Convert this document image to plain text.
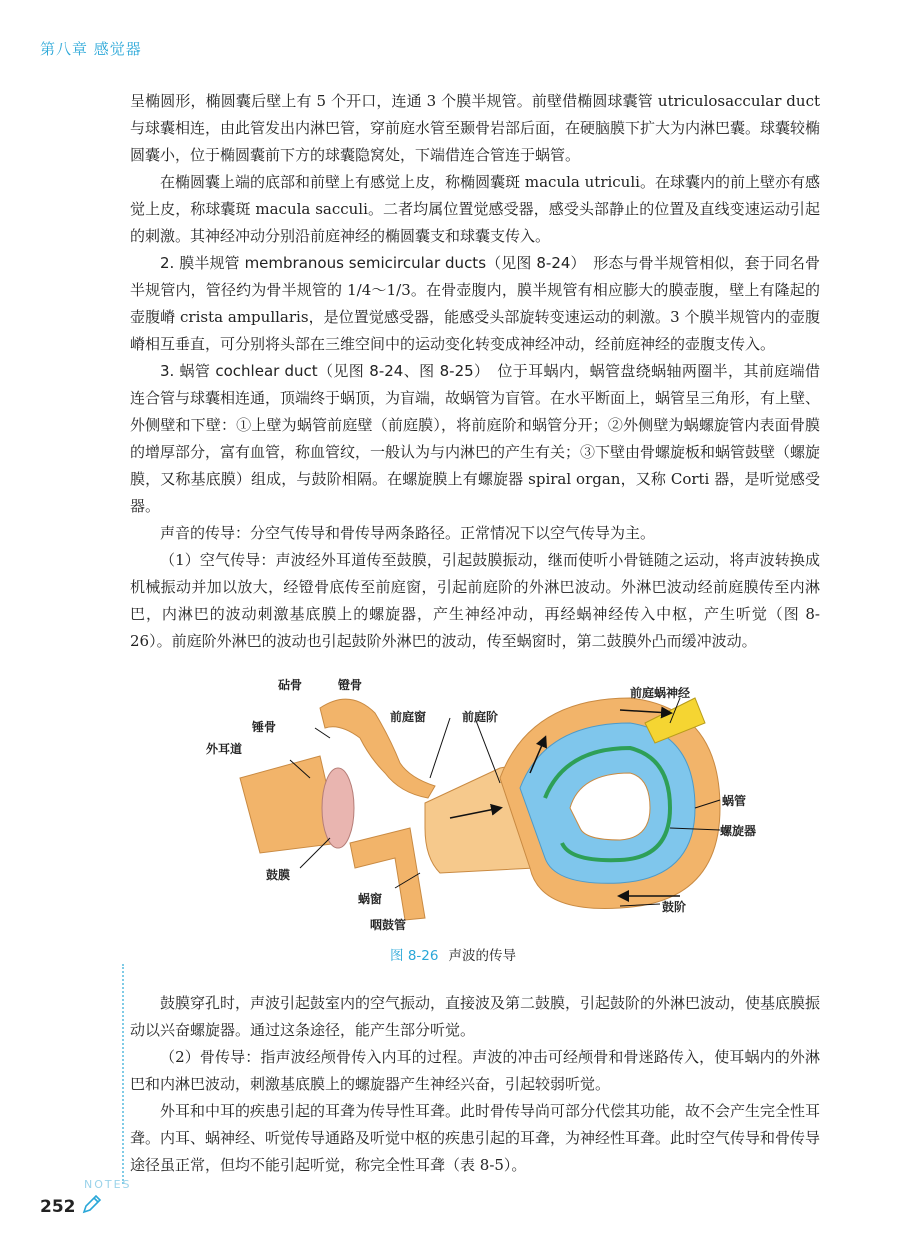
第八章 感觉器

呈椭圆形，椭圆囊后壁上有 5 个开口，连通 3 个膜半规管。前壁借椭圆球囊管 utriculosaccular duct 与球囊相连，由此管发出内淋巴管，穿前庭水管至颞骨岩部后面，在硬脑膜下扩大为内淋巴囊。球囊较椭圆囊小，位于椭圆囊前下方的球囊隐窝处，下端借连合管连于蜗管。

在椭圆囊上端的底部和前壁上有感觉上皮，称椭圆囊斑 macula utriculi。在球囊内的前上壁亦有感觉上皮，称球囊斑 macula sacculi。二者均属位置觉感受器，感受头部静止的位置及直线变速运动引起的刺激。其神经冲动分别沿前庭神经的椭圆囊支和球囊支传入。

2. 膜半规管 membranous semicircular ducts（见图 8-24）　 形态与骨半规管相似，套于同名骨半规管内，管径约为骨半规管的 1/4～1/3。在骨壶腹内，膜半规管有相应膨大的膜壶腹，壁上有隆起的壶腹嵴 crista ampullaris，是位置觉感受器，能感受头部旋转变速运动的刺激。3 个膜半规管内的壶腹嵴相互垂直，可分别将头部在三维空间中的运动变化转变成神经冲动，经前庭神经的壶腹支传入。

3. 蜗管 cochlear duct（见图 8-24、图 8-25）　 位于耳蜗内，蜗管盘绕蜗轴两圈半，其前庭端借连合管与球囊相连通，顶端终于蜗顶，为盲端，故蜗管为盲管。在水平断面上，蜗管呈三角形，有上壁、外侧壁和下壁：①上壁为蜗管前庭壁（前庭膜），将前庭阶和蜗管分开；②外侧壁为蜗螺旋管内表面骨膜的增厚部分，富有血管，称血管纹，一般认为与内淋巴的产生有关；③下壁由骨螺旋板和蜗管鼓壁（螺旋膜，又称基底膜）组成，与鼓阶相隔。在螺旋膜上有螺旋器 spiral organ，又称 Corti 器，是听觉感受器。

声音的传导：分空气传导和骨传导两条路径。正常情况下以空气传导为主。

（1）空气传导：声波经外耳道传至鼓膜，引起鼓膜振动，继而使听小骨链随之运动，将声波转换成机械振动并加以放大，经镫骨底传至前庭窗，引起前庭阶的外淋巴波动。外淋巴波动经前庭膜传至内淋巴，内淋巴的波动刺激基底膜上的螺旋器，产生神经冲动，再经蜗神经传入中枢，产生听觉（图 8-26）。前庭阶外淋巴的波动也引起鼓阶外淋巴的波动，传至蜗窗时，第二鼓膜外凸而缓冲波动。

砧骨	镫骨
锤骨
外耳道
前庭窗	前庭阶
前庭蜗神经
蜗管
螺旋器
鼓膜
蜗窗
咽鼓管
鼓阶
图 8-26 声波的传导

鼓膜穿孔时，声波引起鼓室内的空气振动，直接波及第二鼓膜，引起鼓阶的外淋巴波动，使基底膜振动以兴奋螺旋器。通过这条途径，能产生部分听觉。

（2）骨传导：指声波经颅骨传入内耳的过程。声波的冲击可经颅骨和骨迷路传入，使耳蜗内的外淋巴和内淋巴波动，刺激基底膜上的螺旋器产生神经兴奋，引起较弱听觉。

外耳和中耳的疾患引起的耳聋为传导性耳聋。此时骨传导尚可部分代偿其功能，故不会产生完全性耳聋。内耳、蜗神经、听觉传导通路及听觉中枢的疾患引起的耳聋，为神经性耳聋。此时空气传导和骨传导途径虽正常，但均不能引起听觉，称完全性耳聋（表 8-5）。

NOTES
252
